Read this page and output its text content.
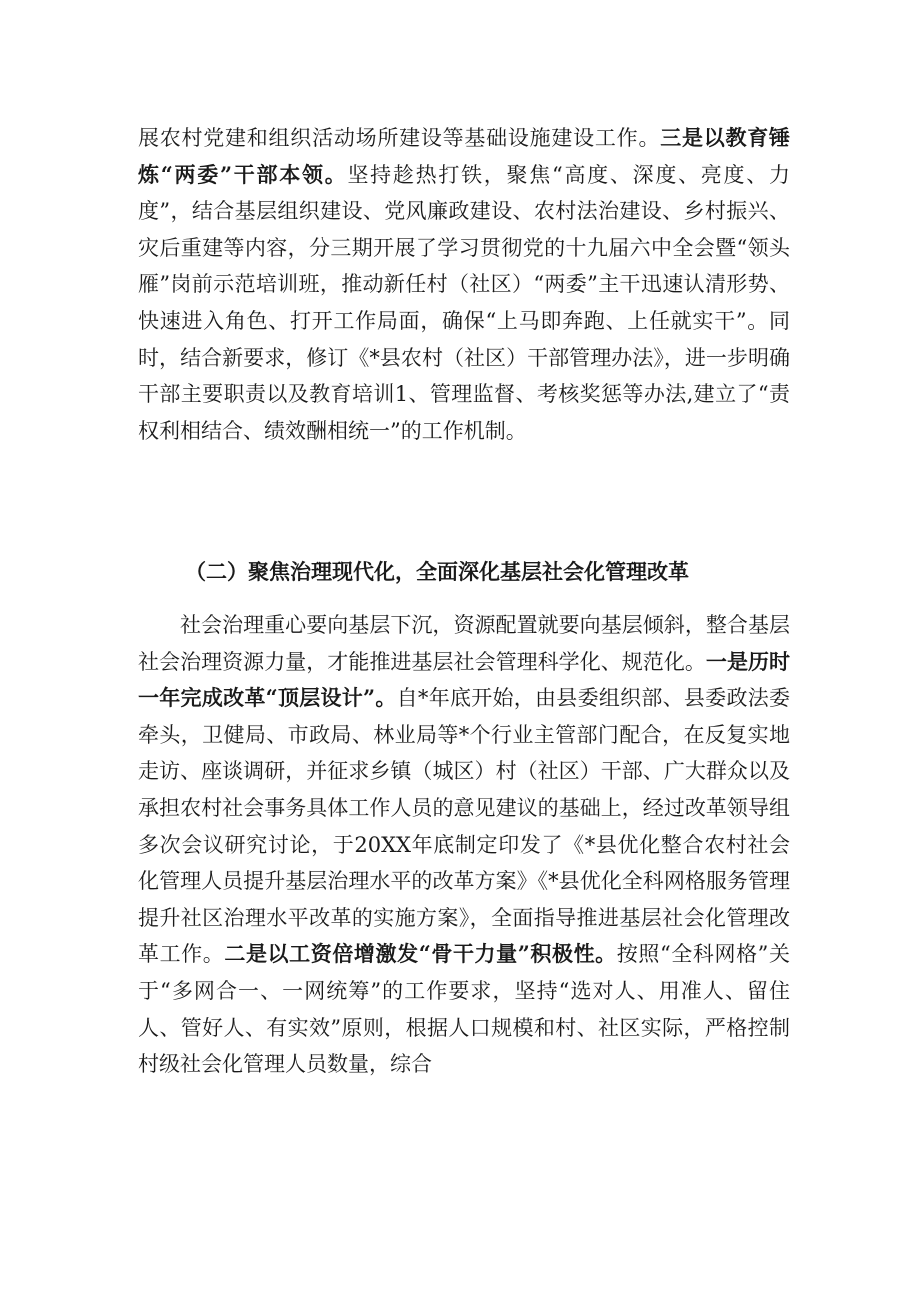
展农村党建和组织活动场所建设等基础设施建设工作。三是以教育锤炼“两委”干部本领。坚持趁热打铁，聚焦“高度、深度、亮度、力度”，结合基层组织建设、党风廉政建设、农村法治建设、乡村振兴、灾后重建等内容，分三期开展了学习贯彻党的十九届六中全会暨“领头雁”岗前示范培训班，推动新任村（社区）“两委”主干迅速认清形势、快速进入角色、打开工作局面，确保“上马即奔跑、上任就实干”。同时，结合新要求，修订《*县农村（社区）干部管理办法》，进一步明确干部主要职责以及教育培训1、管理监督、考核奖惩等办法,建立了“责权利相结合、绩效酬相统一”的工作机制。
（二）聚焦治理现代化，全面深化基层社会化管理改革
社会治理重心要向基层下沉，资源配置就要向基层倾斜，整合基层社会治理资源力量，才能推进基层社会管理科学化、规范化。一是历时一年完成改革“顶层设计”。自*年底开始，由县委组织部、县委政法委牵头，卫健局、市政局、林业局等*个行业主管部门配合，在反复实地走访、座谈调研，并征求乡镇（城区）村（社区）干部、广大群众以及承担农村社会事务具体工作人员的意见建议的基础上，经过改革领导组多次会议研究讨论，于20XX年底制定印发了《*县优化整合农村社会化管理人员提升基层治理水平的改革方案》《*县优化全科网格服务管理提升社区治理水平改革的实施方案》，全面指导推进基层社会化管理改革工作。二是以工资倍增激发“骨干力量”积极性。按照“全科网格”关于“多网合一、一网统筹”的工作要求，坚持“选对人、用准人、留住人、管好人、有实效”原则，根据人口规模和村、社区实际，严格控制村级社会化管理人员数量，综合
